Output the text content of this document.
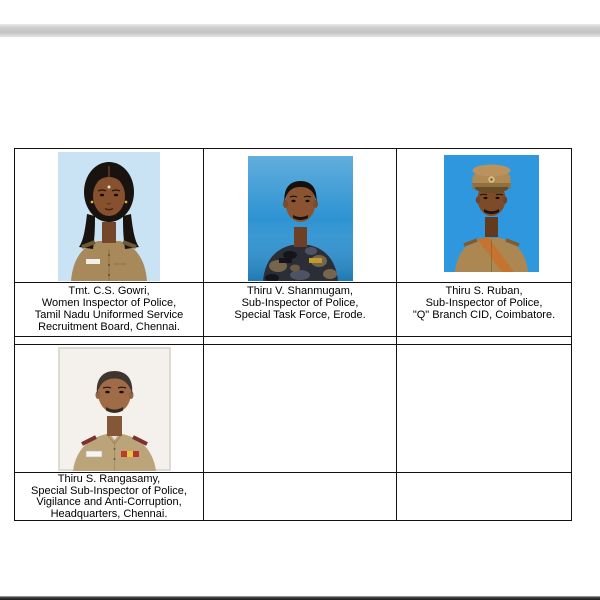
Tmt. C.S. Gowri,
Women Inspector of Police,
Tamil Nadu Uniformed Service
Recruitment Board, Chennai.
Thiru V. Shanmugam,
Sub-Inspector of Police,
Special Task Force, Erode.
Thiru S. Ruban,
Sub-Inspector of Police,
"Q" Branch CID, Coimbatore.
Thiru S. Rangasamy,
Special Sub-Inspector of Police,
Vigilance and Anti-Corruption,
Headquarters, Chennai.
